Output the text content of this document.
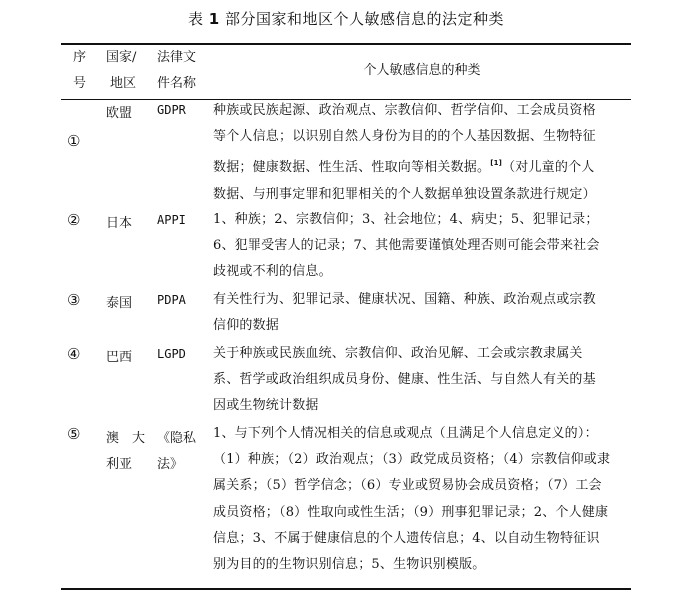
表 1 部分国家和地区个人敏感信息的法定种类
序
号
国家/
地区
法律文
件名称
个人敏感信息的种类
①
欧盟 GDPR 种族或民族起源、政治观点、宗教信仰、哲学信仰、工会成员资格
等个人信息；以识别自然人身份为目的的个人基因数据、生物特征
数据；健康数据、性生活、性取向等相关数据。[1]（对儿童的个人
数据、与刑事定罪和犯罪相关的个人数据单独设置条款进行规定）
② 日本 APPI 1、种族；2、宗教信仰；3、社会地位；4、病史；5、犯罪记录；
6、犯罪受害人的记录；7、其他需要谨慎处理否则可能会带来社会
歧视或不利的信息。
③ 泰国 PDPA 有关性行为、犯罪记录、健康状况、国籍、种族、政治观点或宗教
信仰的数据
④ 巴西 LGPD 关于种族或民族血统、宗教信仰、政治见解、工会或宗教隶属关
系、哲学或政治组织成员身份、健康、性生活、与自然人有关的基
因或生物统计数据
⑤ 澳　大
利亚
《隐私
法》
1、与下列个人情况相关的信息或观点（且满足个人信息定义的）：
（1）种族；（2）政治观点；（3）政党成员资格；（4）宗教信仰或隶
属关系；（5）哲学信念；（6）专业或贸易协会成员资格；（7）工会
成员资格；（8）性取向或性生活；（9）刑事犯罪记录；2、个人健康
信息；3、不属于健康信息的个人遗传信息；4、以自动生物特征识
别为目的的生物识别信息；5、生物识别模版。
